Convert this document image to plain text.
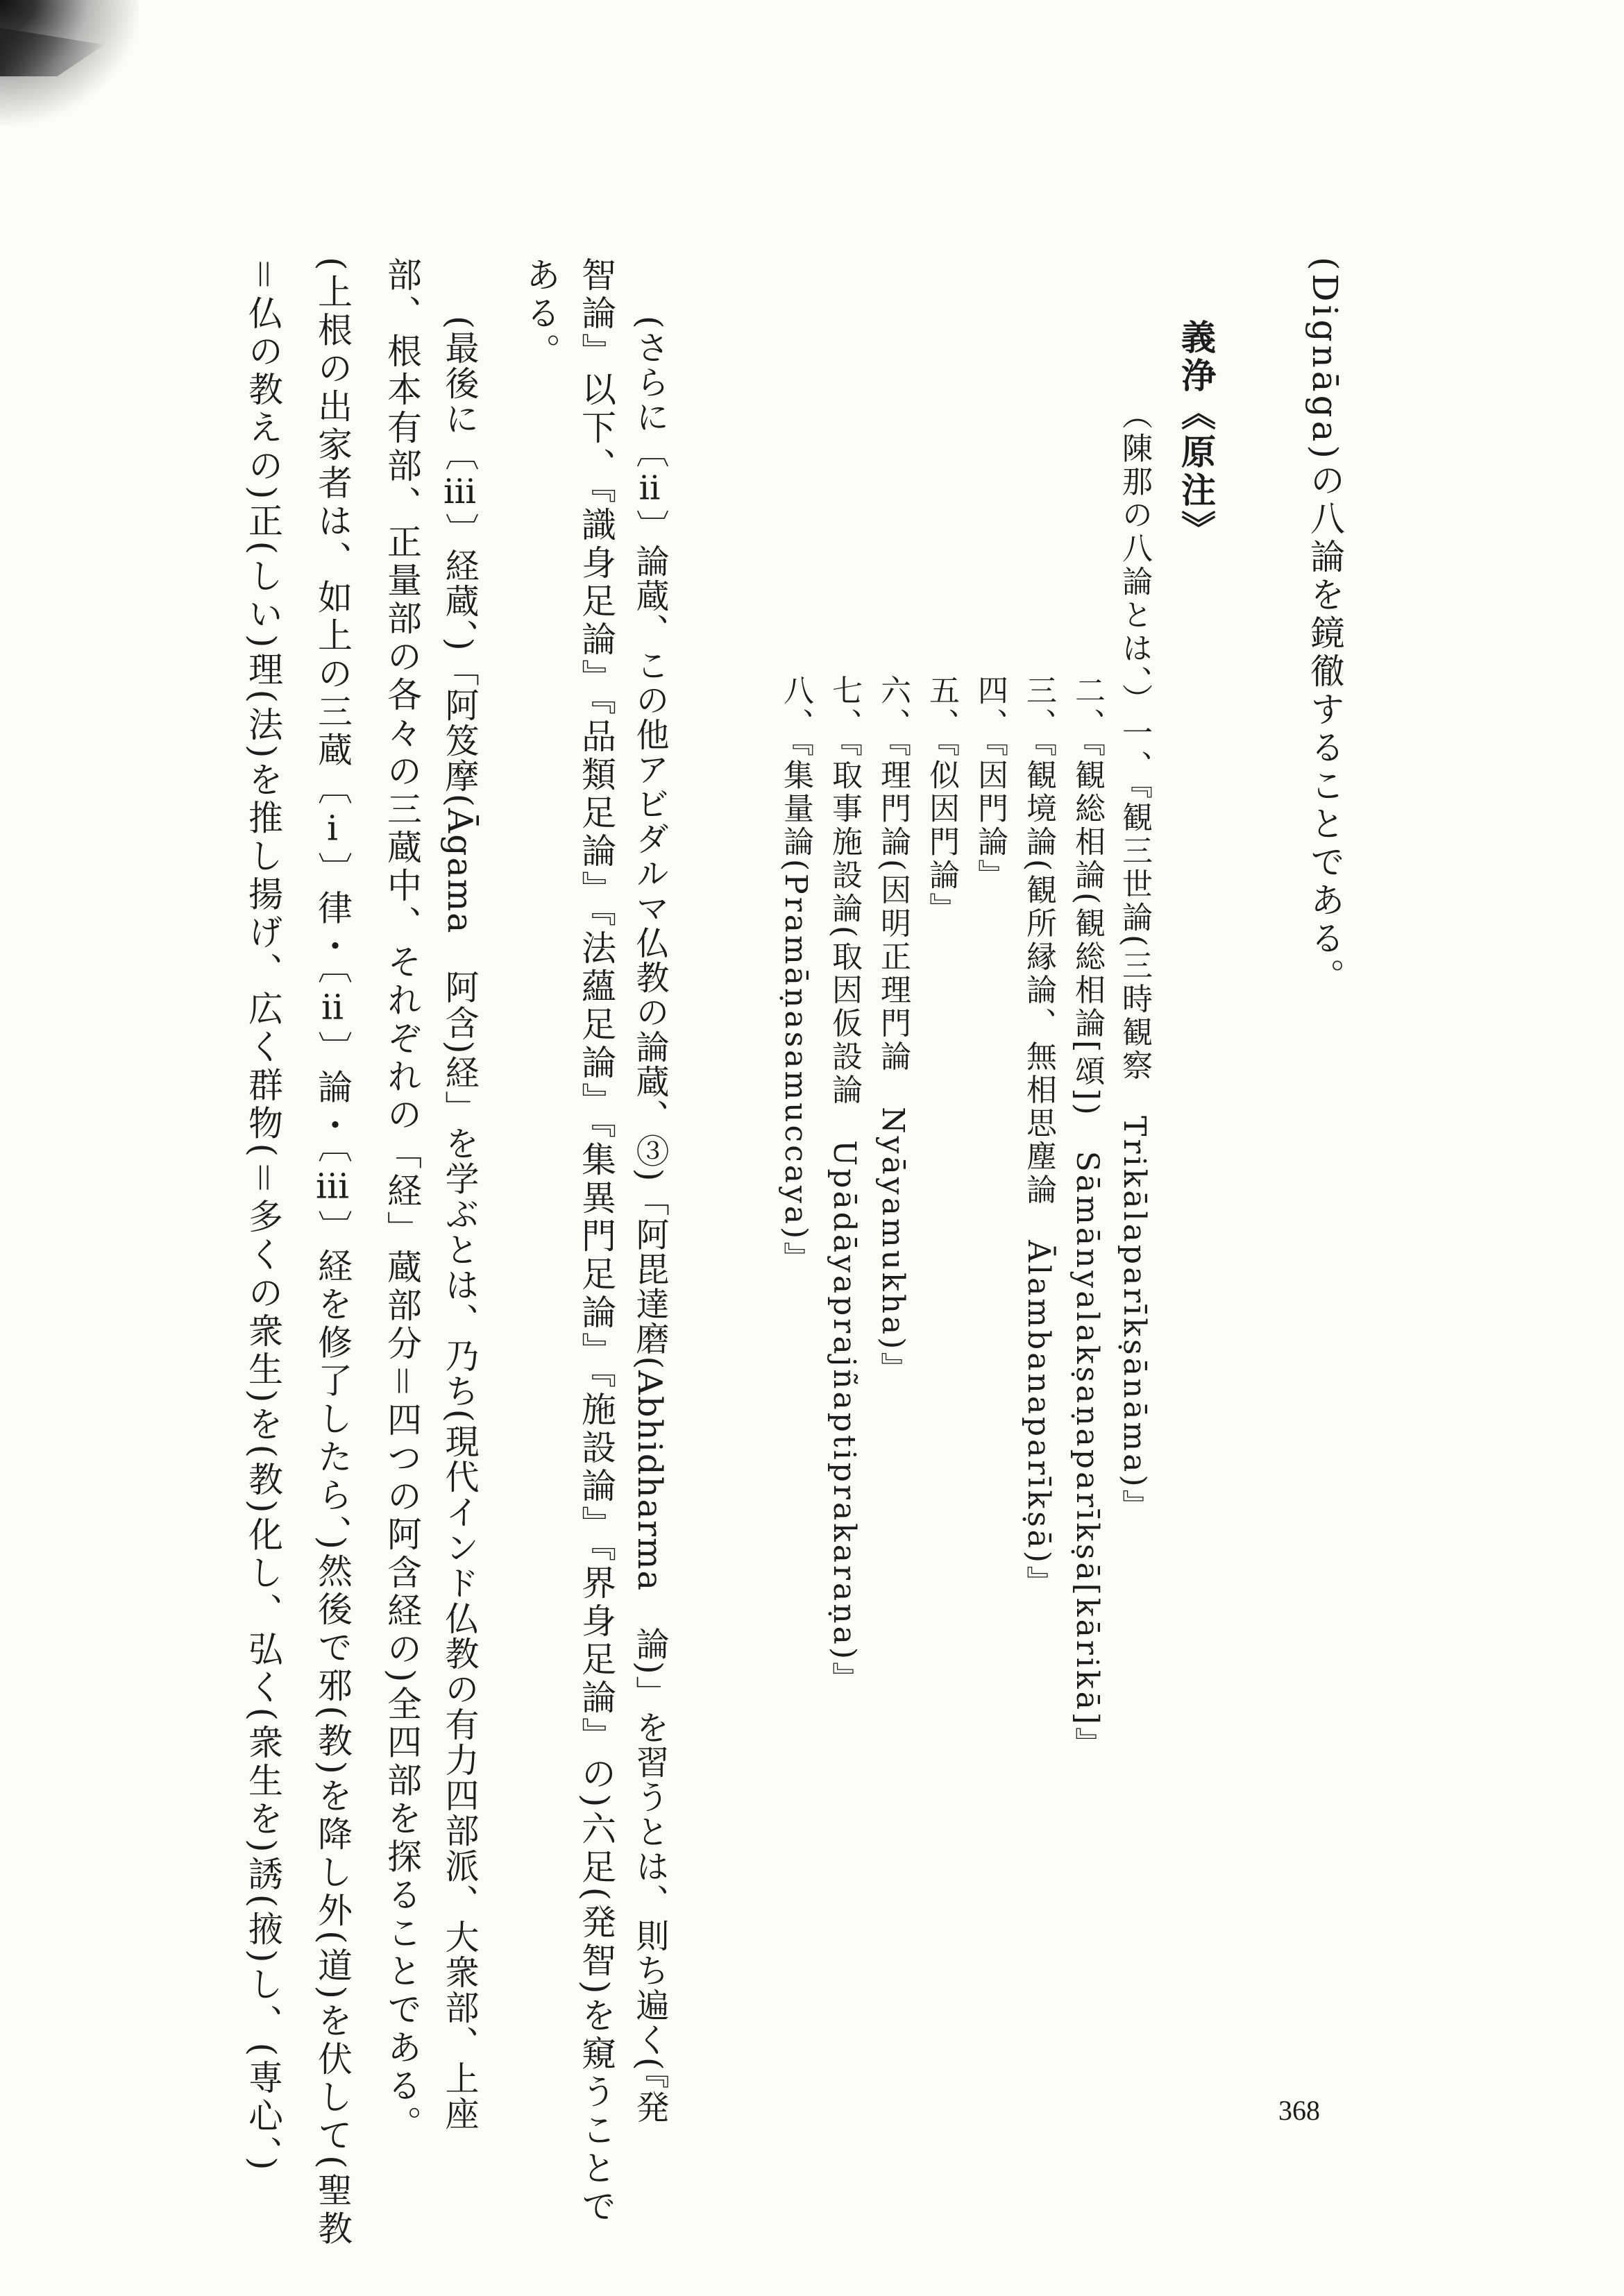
(Dignāga)の八論を鏡徹することである。
義浄《原注》
（陳那の八論とは、）一、『観三世論(三時観察　Trikālaparīkṣānāma)』
二、『観総相論(観総相論[頌])　Sāmānyalakṣaṇaparīkṣā[kārikā]』
三、『観境論(観所縁論、無相思塵論　Ālambanaparīkṣā)』
四、『因門論』
五、『似因門論』
六、『理門論(因明正理門論　Nyāyamukha)』
七、『取事施設論(取因仮設論　Upādāyaprajñaptiprakaraṇa)』
八、『集量論(Pramāṇasamuccaya)』
(さらに〔ⅱ〕論蔵、この他アビダルマ仏教の論蔵、③)「阿毘達磨(Abhidharma　論)」を習うとは、則ち遍く(『発
智論』以下、『識身足論』『品類足論』『法蘊足論』『集異門足論』『施設論』『界身足論』の)六足(発智)を窺うことで
ある。
(最後に〔ⅲ〕経蔵、)「阿笈摩(Āgama　阿含)経」を学ぶとは、乃ち(現代インド仏教の有力四部派、大衆部、上座
部、根本有部、正量部の各々の三蔵中、それぞれの「経」蔵部分＝四つの阿含経の)全四部を探ることである。
(上根の出家者は、如上の三蔵〔ⅰ〕律・〔ⅱ〕論・〔ⅲ〕経を修了したら、)然後で邪(教)を降し外(道)を伏して(聖教
＝仏の教えの)正(しい)理(法)を推し揚げ、広く群物(＝多くの衆生)を(教)化し、弘く(衆生を)誘(掖)し、(専心、)	368
